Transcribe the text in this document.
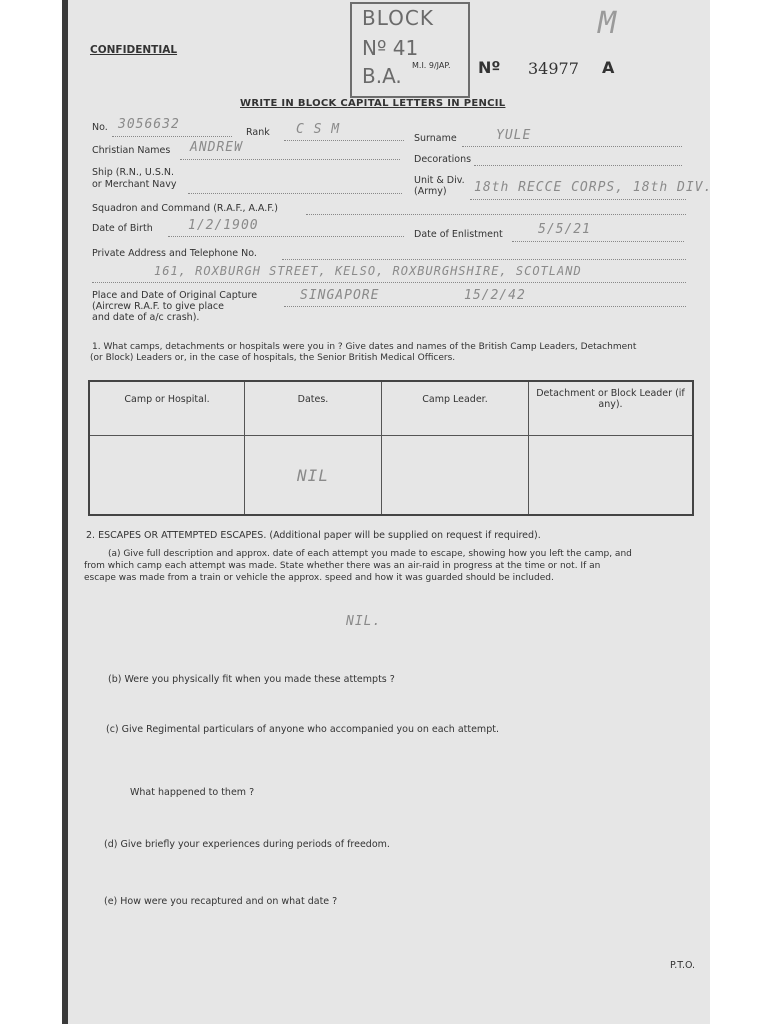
CONFIDENTIAL
BLOCK
Nº 41
B.A. M.I. 9/JAP. Nº 34977 A
M
WRITE IN BLOCK CAPITAL LETTERS IN PENCIL
No. 3056632
Rank C S M
Surname	YULE
Christian Names ANDREW
Decorations
Ship (R.N., U.S.N.
or Merchant Navy	Unit & Div.
(Army) 18th RECCE CORPS, 18th DIV.
Squadron and Command (R.A.F., A.A.F.)
Date of Birth	1/2/1900
Date of Enlistment	5/5/21
Private Address and Telephone No.
161, ROXBURGH STREET, KELSO, ROXBURGHSHIRE, SCOTLAND
Place and Date of Original Capture
(Aircrew R.A.F. to give place
and date of a/c crash).
SINGAPORE	15/2/42
1. What camps, detachments or hospitals were you in ? Give dates and names of the British Camp Leaders, Detachment
(or Block) Leaders or, in the case of hospitals, the Senior British Medical Officers.
Camp or Hospital.	Dates.	Camp Leader.	Detachment or Block Leader (if any).
	NIL		
2. ESCAPES OR ATTEMPTED ESCAPES. (Additional paper will be supplied on request if required).
(a) Give full description and approx. date of each attempt you made to escape, showing how you left the camp, and
from which camp each attempt was made. State whether there was an air-raid in progress at the time or not. If an
escape was made from a train or vehicle the approx. speed and how it was guarded should be included.
NIL.
(b) Were you physically fit when you made these attempts ?
(c) Give Regimental particulars of anyone who accompanied you on each attempt.
What happened to them ?
(d) Give briefly your experiences during periods of freedom.
(e) How were you recaptured and on what date ?
P.T.O.
